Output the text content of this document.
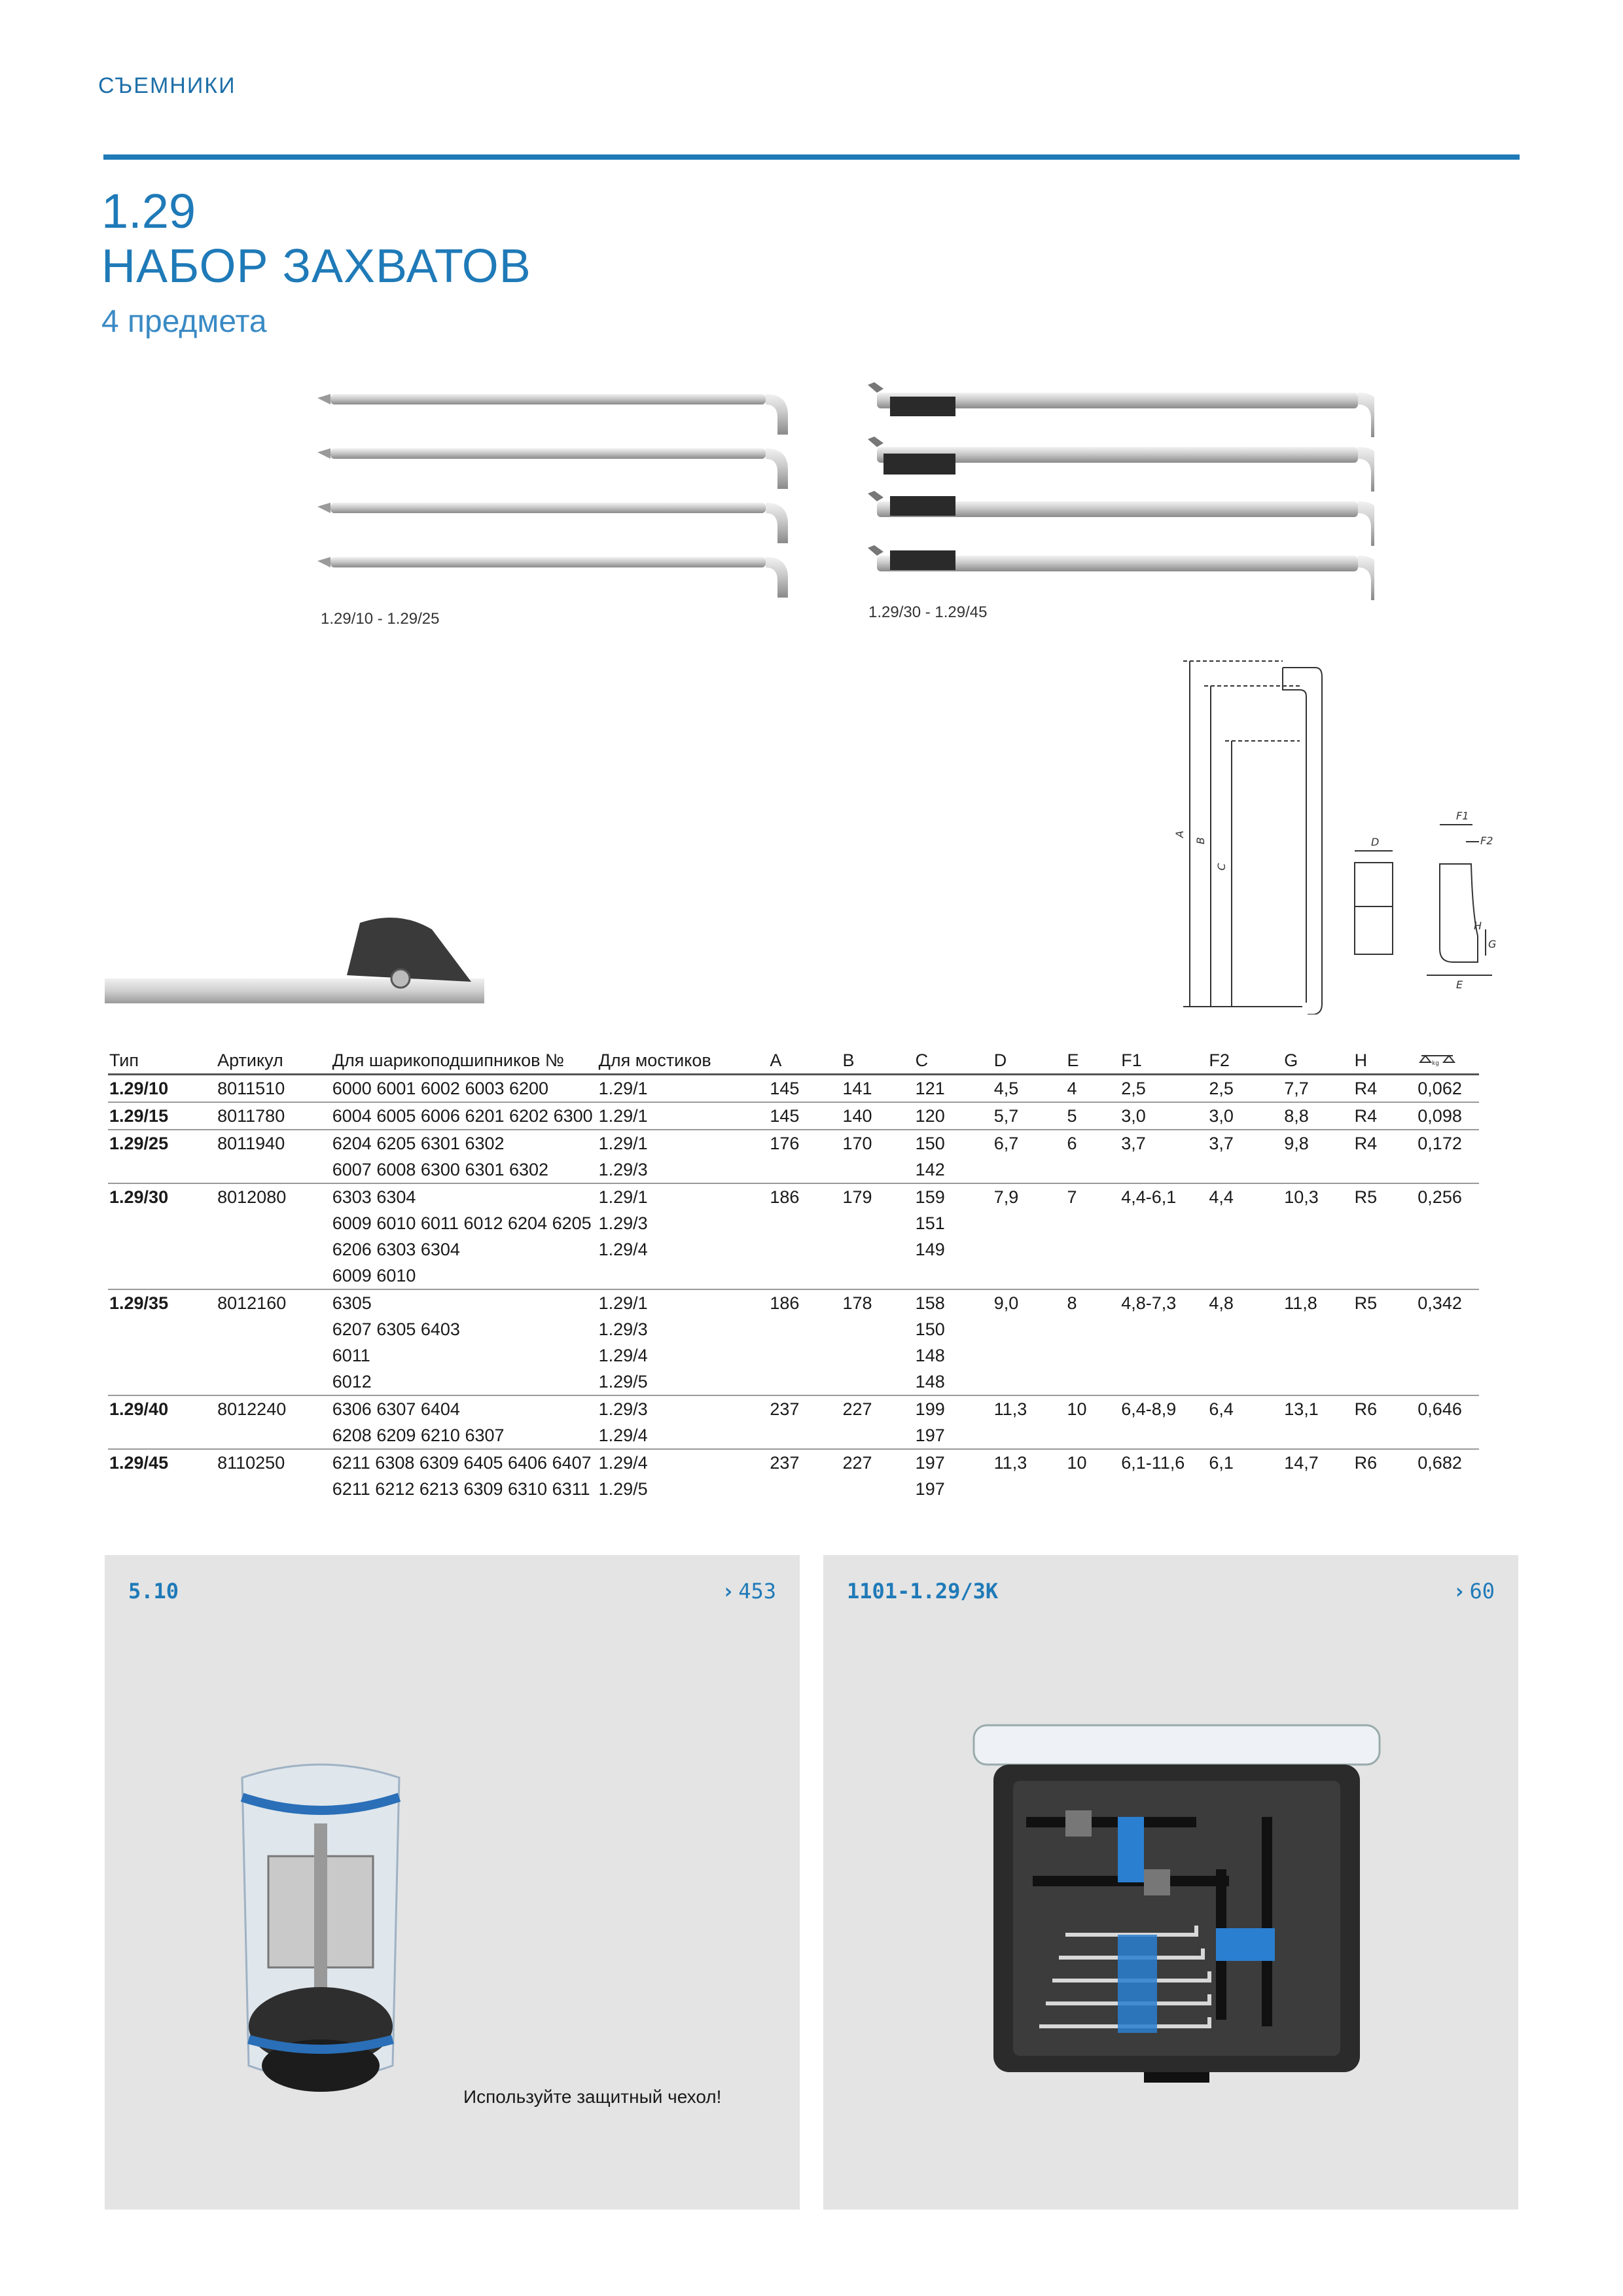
СЪЕМНИКИ
1.29
НАБОР ЗАХВАТОВ
4 предмета
1.29/10 - 1.29/25	1.29/30 - 1.29/45
A
B
C
D
F1
F2
E
G
H
Тип	Артикул	Для шарикоподшипников №	Для мостиков	A	B	C	D	E	F1	F2	G	H	kg

1.29/10	8011510	6000 6001 6002 6003 6200	1.29/1	145	141	121	4,5	4	2,5	2,5	7,7	R4	0,062
1.29/15	8011780	6004 6005 6006 6201 6202 6300	1.29/1	145	140	120	5,7	5	3,0	3,0	8,8	R4	0,098
1.29/25	8011940	6204 6205 6301 6302	1.29/1	176	170	150	6,7	6	3,7	3,7	9,8	R4	0,172
		6007 6008 6300 6301 6302	1.29/3			142							
1.29/30	8012080	6303 6304	1.29/1	186	179	159	7,9	7	4,4-6,1	4,4	10,3	R5	0,256
		6009 6010 6011 6012 6204 6205	1.29/3			151							
		6206 6303 6304	1.29/4			149							
		6009 6010											
1.29/35	8012160	6305	1.29/1	186	178	158	9,0	8	4,8-7,3	4,8	11,8	R5	0,342
		6207 6305 6403	1.29/3			150							
		6011	1.29/4			148							
		6012	1.29/5			148							
1.29/40	8012240	6306 6307 6404	1.29/3	237	227	199	11,3	10	6,4-8,9	6,4	13,1	R6	0,646
		6208 6209 6210 6307	1.29/4			197							
1.29/45	8110250	6211 6308 6309 6405 6406 6407	1.29/4	237	227	197	11,3	10	6,1-11,6	6,1	14,7	R6	0,682
		6211 6212 6213 6309 6310 6311	1.29/5			197							
5.10	› 453
Используйте защитный чехол!
1101-1.29/3K	› 60
